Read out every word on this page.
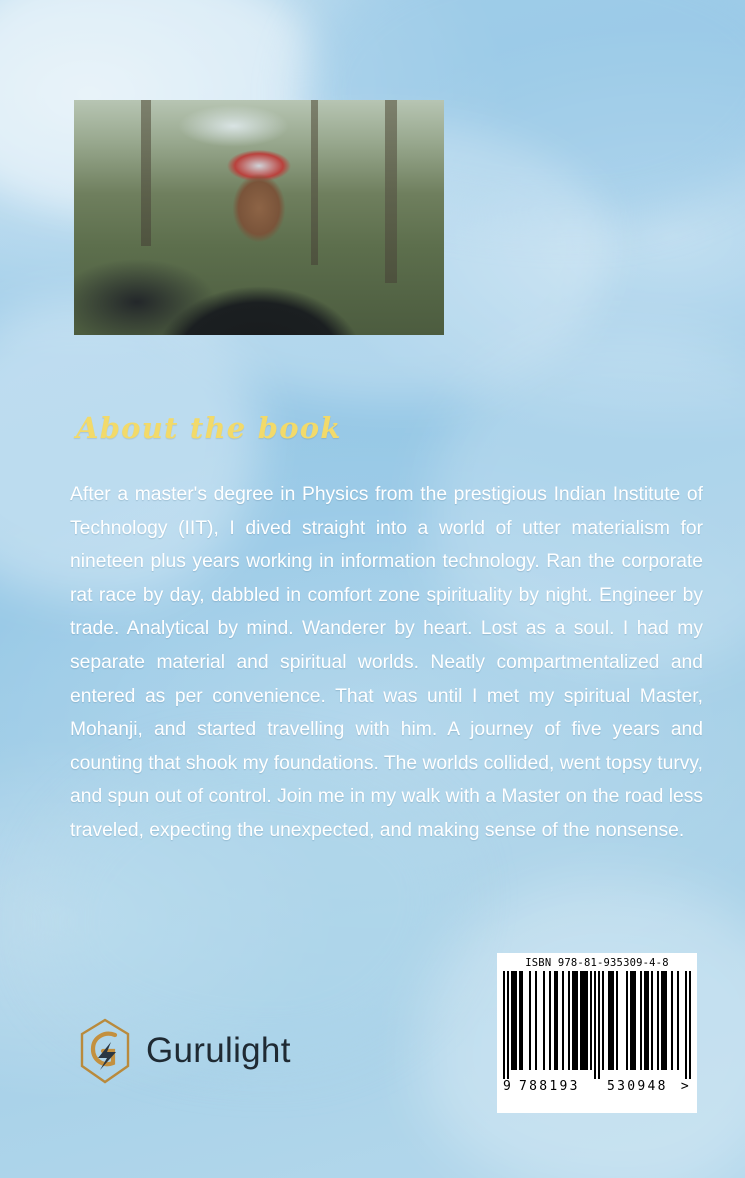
About the book
After a master's degree in Physics from the prestigious Indian Institute of Technology (IIT), I dived straight into a world of utter materialism for nineteen plus years working in information technology. Ran the corporate rat race by day, dabbled in comfort zone spirituality by night. Engineer by trade. Analytical by mind. Wanderer by heart. Lost as a soul. I had my separate material and spiritual worlds. Neatly compartmentalized and entered as per convenience. That was until I met my spiritual Master, Mohanji, and started travelling with him. A journey of five years and counting that shook my foundations. The worlds collided, went topsy turvy, and spun out of control. Join me in my walk with a Master on the road less traveled, expecting the unexpected, and making sense of the nonsense.
Gurulight
ISBN 978-81-935309-4-8
9 788193 530948 >
